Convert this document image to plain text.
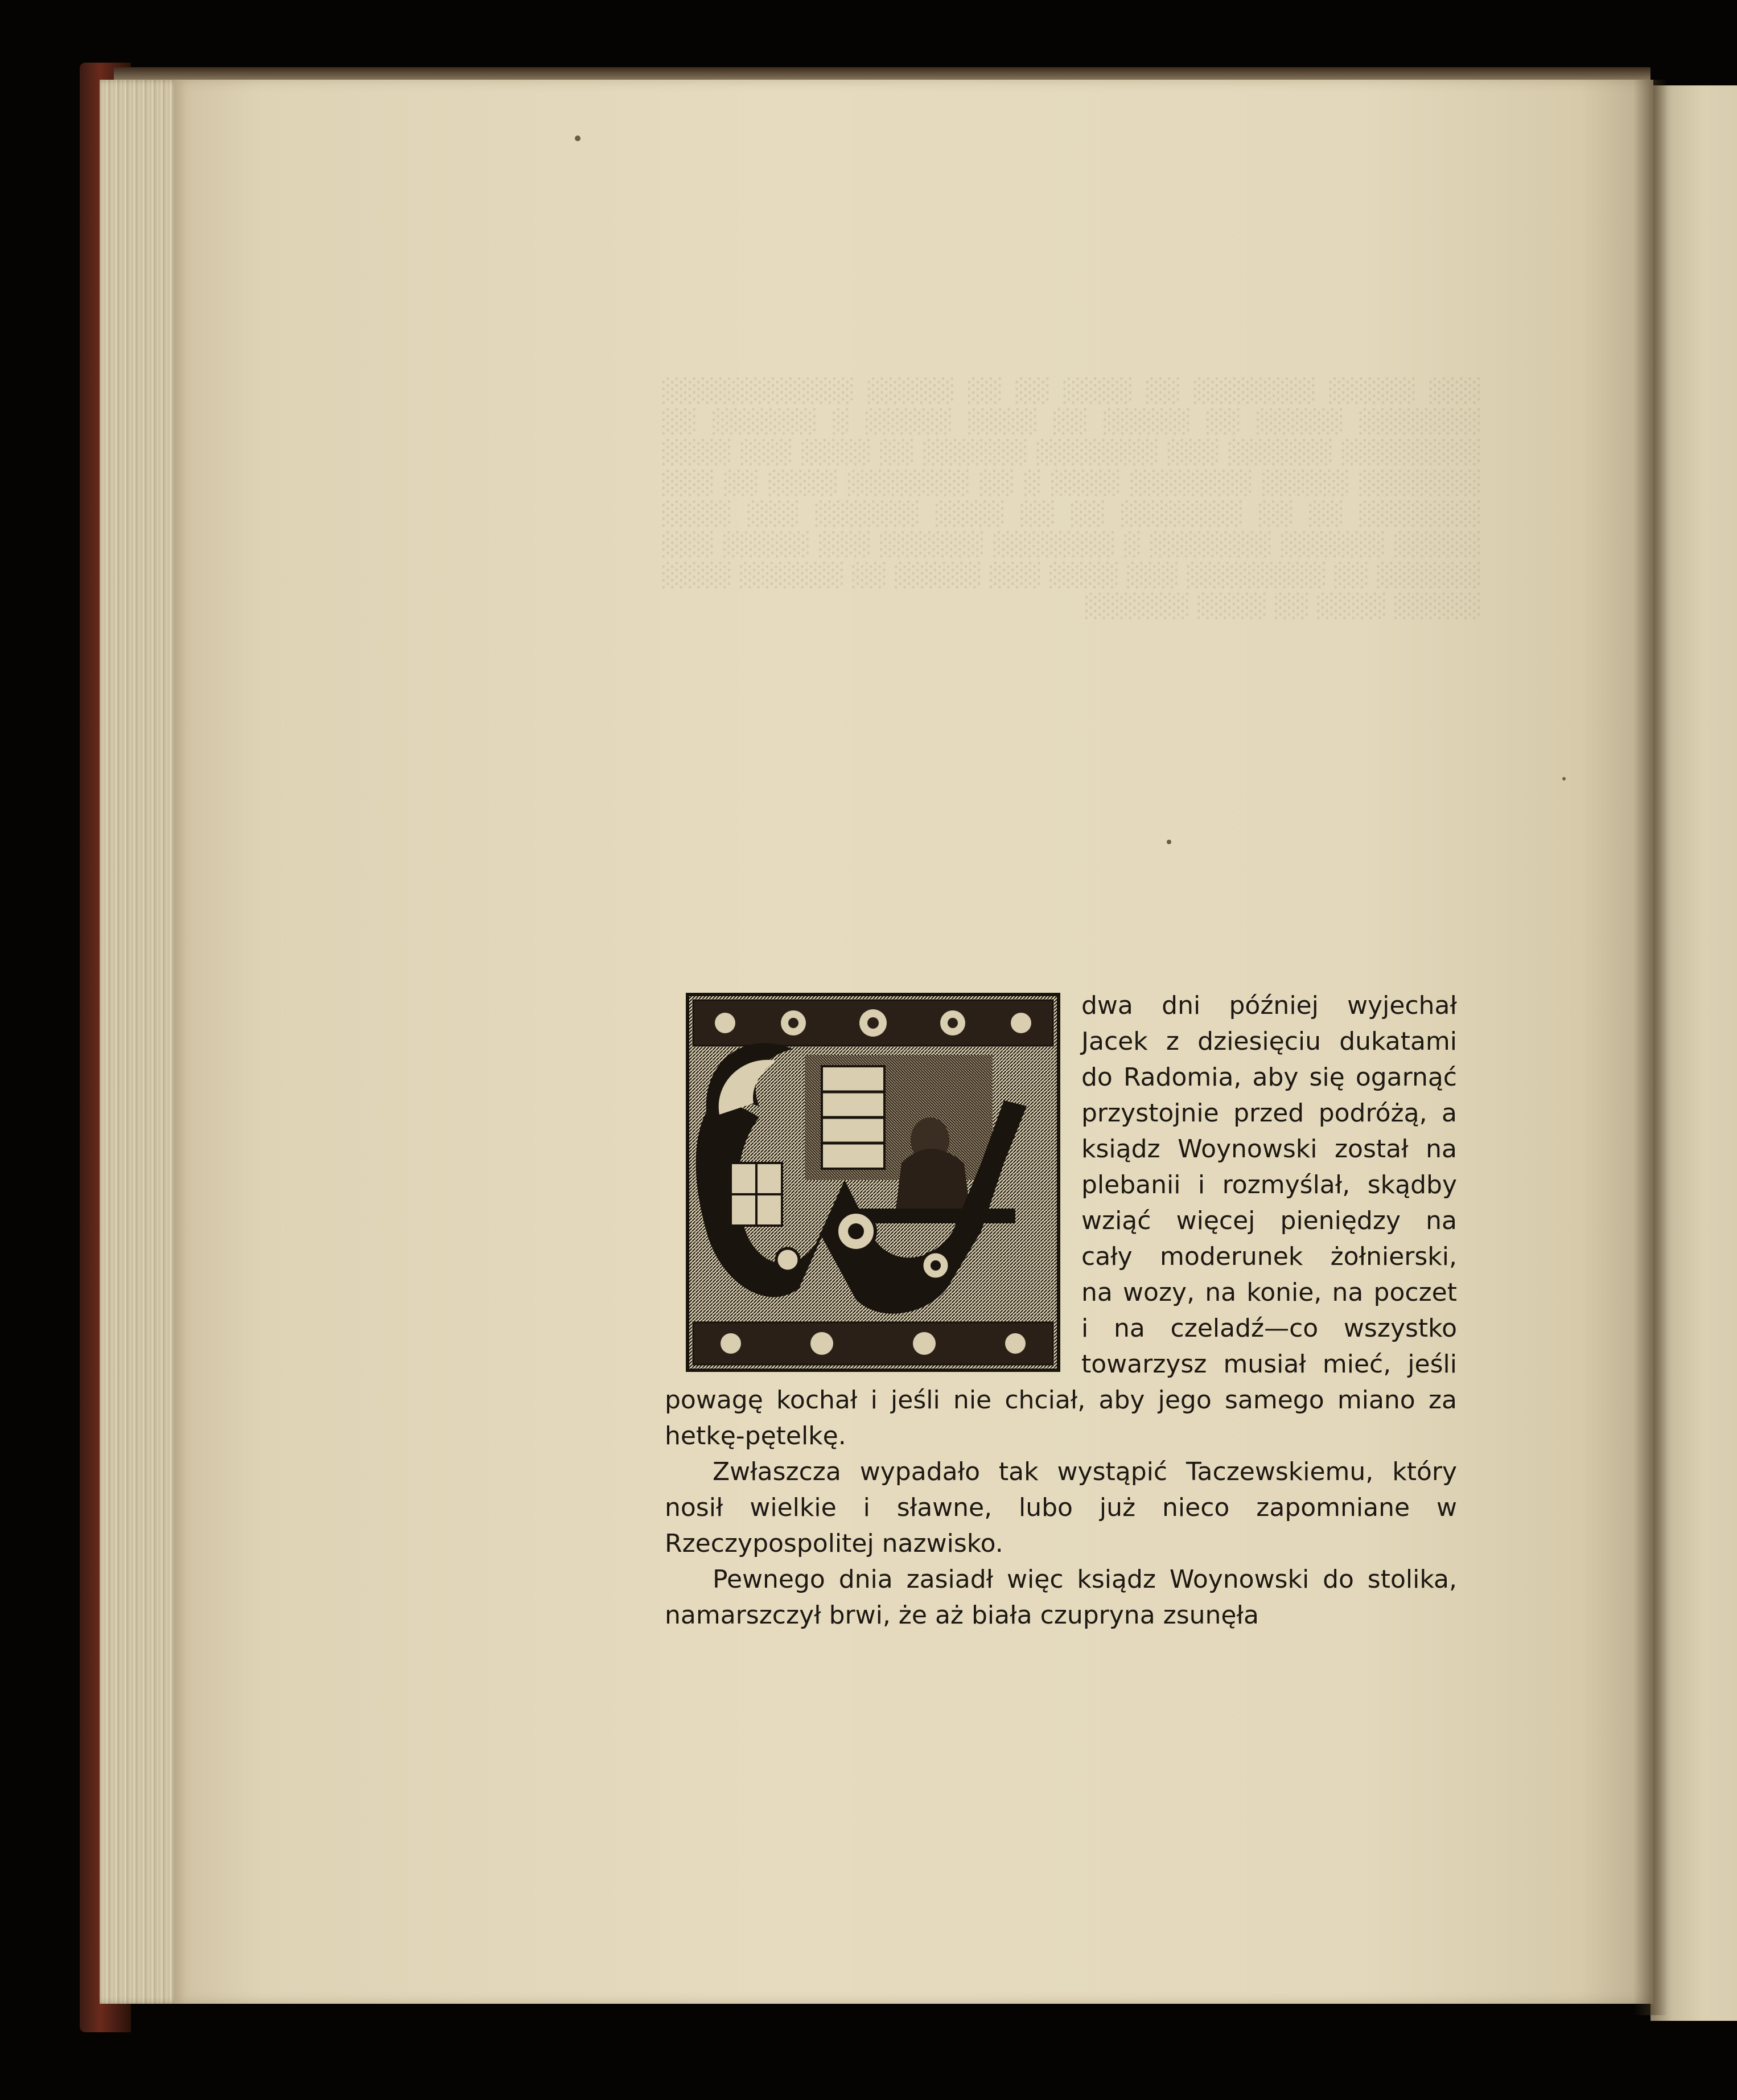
░░░ ░░░░░ ░░░░░░░ ░░ ░░░░ ░░ ░░ ░░░░░ ░░░░░░░░░░░ ░░░░░░░ ░░░░░ ░░ ░░░░░ ░░ ░░░░ ░░░░░ ░ ░░░░░░ ░░ ░░░░░░░░ ░░░░░░ ░░░ ░░░░░░░ ░░░░░░ ░░ ░░░░ ░░░ ░░░░ ░░░░░░░ ░░░░░ ░░░░░░░ ░░░░ ░ ░░ ░░░░░░░ ░░░░ ░░ ░░░ ░░░░░░░ ░░ ░░ ░░░░░░░ ░░ ░░ ░░░░ ░░░░░░ ░░░ ░░░░ ░░░░░ ░░░░░░ ░░░░░░░ ░ ░░░░░░░ ░░░░░░ ░░░ ░░░░░ ░░░ ░░░░░░ ░░ ░░░░░░░░ ░░░ ░░░░ ░░░ ░░░░░ ░░ ░░░░░░ ░░░░ ░░░░░ ░░░░ ░░ ░░░░ ░░░░░░

dwa dni później wyjechał Jacek z dziesięciu dukatami do Radomia, aby się ogarnąć przystojnie przed podróżą, a ksiądz Woynowski został na plebanii i rozmyślał, skądby wziąć więcej pieniędzy na cały moderunek żołnierski, na wozy, na konie, na poczet i na czeladź—co wszystko towarzysz musiał mieć, jeśli powagę kochał i jeśli nie chciał, aby jego samego miano za hetkę-pętelkę.

Zwłaszcza wypadało tak wystąpić Taczewskiemu, który nosił wielkie i sławne, lubo już nieco zapomniane w Rzeczypospolitej nazwisko.

Pewnego dnia zasiadł więc ksiądz Woynowski do stolika, namarszczył brwi, że aż biała czupryna zsunęła
